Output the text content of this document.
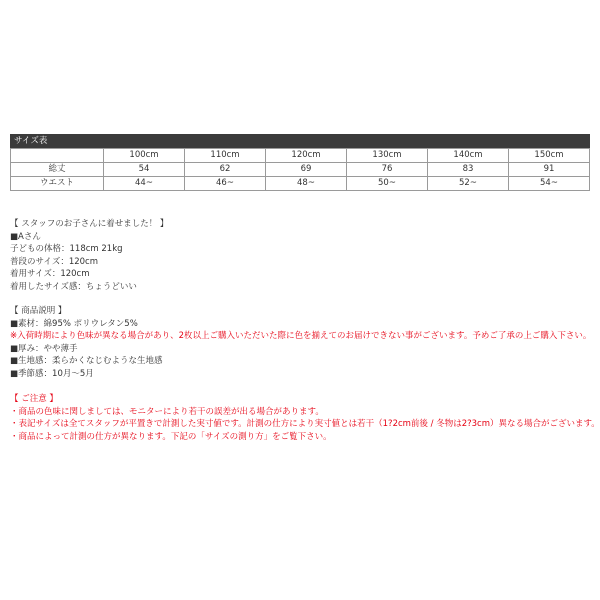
サイズ表
	100cm	110cm	120cm	130cm	140cm	150cm
総丈	54	62	69	76	83	91
ウエスト	44~	46~	48~	50~	52~	54~
【 スタッフのお子さんに着せました！ 】
■Aさん
子どもの体格：118cm 21kg
普段のサイズ：120cm
着用サイズ：120cm
着用したサイズ感：ちょうどいい
【 商品説明 】
■素材：綿95% ポリウレタン5%
※入荷時期により色味が異なる場合があり、2枚以上ご購入いただいた際に色を揃えてのお届けできない事がございます。予めご了承の上ご購入下さい。
■厚み：やや薄手
■生地感：柔らかくなじむような生地感
■季節感：10月～5月
【 ご注意 】
・商品の色味に関しましては、モニターにより若干の誤差が出る場合があります。
・表記サイズは全てスタッフが平置きで計測した実寸値です。計測の仕方により実寸値とは若干（1?2cm前後 / 冬物は2?3cm）異なる場合がございます。
・商品によって計測の仕方が異なります。下記の「サイズの測り方」をご覧下さい。
